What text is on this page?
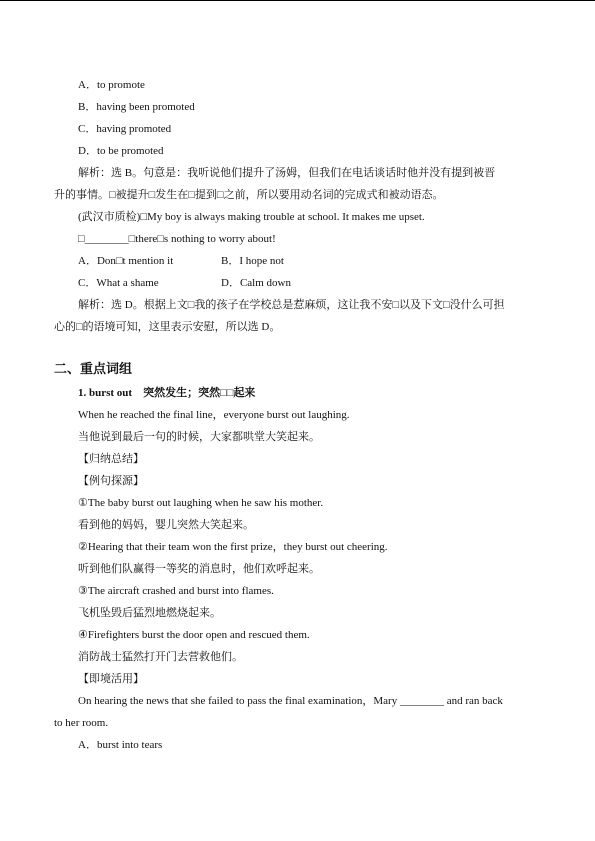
A．to promote
B．having been promoted
C．having promoted
D．to be promoted
解析：选 B。句意是：我听说他们提升了汤姆，但我们在电话谈话时他并没有提到被晋
升的事情。□被提升□发生在□提到□之前，所以要用动名词的完成式和被动语态。
(武汉市质检)□My boy is always making trouble at school. It makes me upset.
□________□there□s nothing to worry about!
A．Don□t mention it	B．I hope not
C．What a shame	D．Calm down
解析：选 D。根据上文□我的孩子在学校总是惹麻烦，这让我不安□以及下文□没什么可担
心的□的语境可知，这里表示安慰，所以选 D。
二、重点词组
1. burst out　突然发生；突然□□起来
When he reached the final line，everyone burst out laughing.
当他说到最后一句的时候，大家都哄堂大笑起来。
【归纳总结】
【例句探源】
①The baby burst out laughing when he saw his mother.
看到他的妈妈，婴儿突然大笑起来。
②Hearing that their team won the first prize，they burst out cheering.
听到他们队赢得一等奖的消息时，他们欢呼起来。
③The aircraft crashed and burst into flames.
飞机坠毁后猛烈地燃烧起来。
④Firefighters burst the door open and rescued them.
消防战士猛然打开门去营救他们。
【即境活用】
On hearing the news that she failed to pass the final examination，Mary ________ and ran back
to her room.
A．burst into tears
